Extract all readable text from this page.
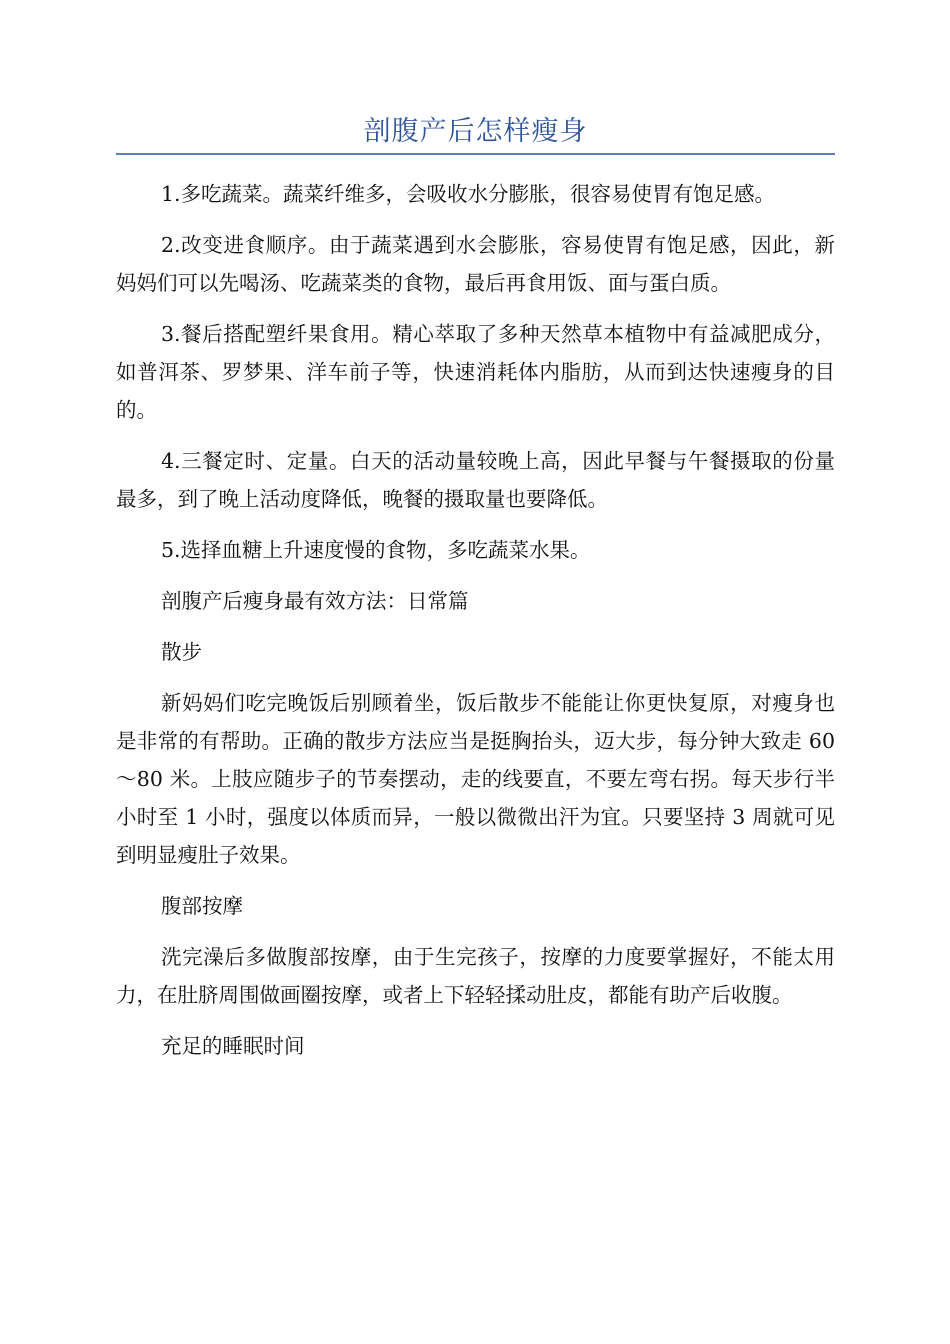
剖腹产后怎样瘦身

1.多吃蔬菜。蔬菜纤维多，会吸收水分膨胀，很容易使胃有饱足感。

2.改变进食顺序。由于蔬菜遇到水会膨胀，容易使胃有饱足感，因此，新妈妈们可以先喝汤、吃蔬菜类的食物，最后再食用饭、面与蛋白质。

3.餐后搭配塑纤果食用。精心萃取了多种天然草本植物中有益减肥成分，如普洱茶、罗梦果、洋车前子等，快速消耗体内脂肪，从而到达快速瘦身的目的。

4.三餐定时、定量。白天的活动量较晚上高，因此早餐与午餐摄取的份量最多，到了晚上活动度降低，晚餐的摄取量也要降低。

5.选择血糖上升速度慢的食物，多吃蔬菜水果。

剖腹产后瘦身最有效方法：日常篇

散步

新妈妈们吃完晚饭后别顾着坐，饭后散步不能能让你更快复原，对瘦身也是非常的有帮助。正确的散步方法应当是挺胸抬头，迈大步，每分钟大致走 60～80 米。上肢应随步子的节奏摆动，走的线要直，不要左弯右拐。每天步行半小时至 1 小时，强度以体质而异，一般以微微出汗为宜。只要坚持 3 周就可见到明显瘦肚子效果。

腹部按摩

洗完澡后多做腹部按摩，由于生完孩子，按摩的力度要掌握好，不能太用力，在肚脐周围做画圈按摩，或者上下轻轻揉动肚皮，都能有助产后收腹。

充足的睡眠时间
